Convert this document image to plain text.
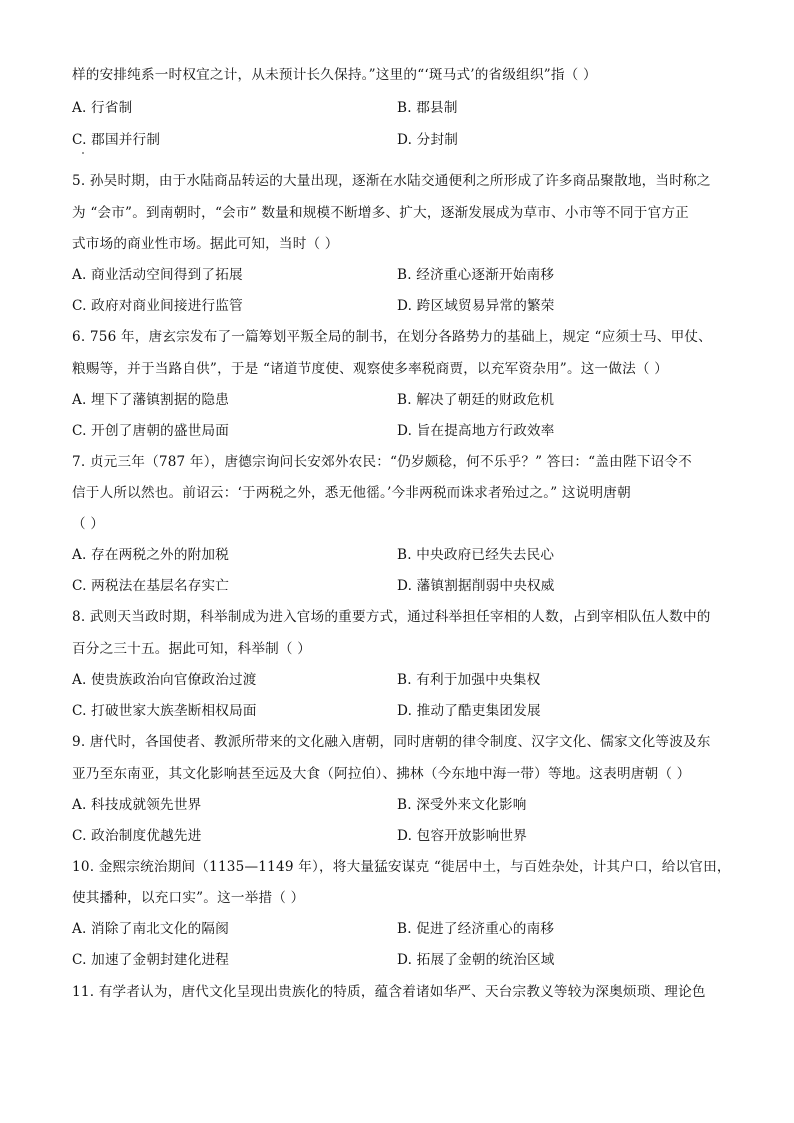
样的安排纯系一时权宜之计，从未预计长久保持。”这里的“‘斑马式’的省级组织”指（ ）
A. 行省制	B. 郡县制
C. 郡国并行制	D. 分封制
5. 孙吴时期，由于水陆商品转运的大量出现，逐渐在水陆交通便利之所形成了许多商品聚散地，当时称之
为 “会市”。到南朝时，“会市” 数量和规模不断增多、扩大，逐渐发展成为草市、小市等不同于官方正
式市场的商业性市场。据此可知，当时（ ）
A. 商业活动空间得到了拓展	B. 经济重心逐渐开始南移
C. 政府对商业间接进行监管	D. 跨区域贸易异常的繁荣
6. 756 年，唐玄宗发布了一篇筹划平叛全局的制书，在划分各路势力的基础上，规定 “应须士马、甲仗、
粮赐等，并于当路自供”，于是 “诸道节度使、观察使多率税商贾，以充军资杂用”。这一做法（ ）
A. 埋下了藩镇割据的隐患	B. 解决了朝廷的财政危机
C. 开创了唐朝的盛世局面	D. 旨在提高地方行政效率
7. 贞元三年（787 年），唐德宗询问长安郊外农民：“仍岁颇稔，何不乐乎？” 答曰：“盖由陛下诏令不
信于人所以然也。前诏云：‘于两税之外，悉无他徭。’今非两税而诛求者殆过之。” 这说明唐朝
（ ）
A. 存在两税之外的附加税	B. 中央政府已经失去民心
C. 两税法在基层名存实亡	D. 藩镇割据削弱中央权威
8. 武则天当政时期，科举制成为进入官场的重要方式，通过科举担任宰相的人数，占到宰相队伍人数中的
百分之三十五。据此可知，科举制（ ）
A. 使贵族政治向官僚政治过渡	B. 有利于加强中央集权
C. 打破世家大族垄断相权局面	D. 推动了酷吏集团发展
9. 唐代时，各国使者、教派所带来的文化融入唐朝，同时唐朝的律令制度、汉字文化、儒家文化等波及东
亚乃至东南亚，其文化影响甚至远及大食（阿拉伯）、拂林（今东地中海一带）等地。这表明唐朝（ ）
A. 科技成就领先世界	B. 深受外来文化影响
C. 政治制度优越先进	D. 包容开放影响世界
10. 金熙宗统治期间（1135—1149 年），将大量猛安谋克 “徙居中土，与百姓杂处，计其户口，给以官田，
使其播种，以充口实”。这一举措（ ）
A. 消除了南北文化的隔阂	B. 促进了经济重心的南移
C. 加速了金朝封建化进程	D. 拓展了金朝的统治区域
11. 有学者认为，唐代文化呈现出贵族化的特质，蕴含着诸如华严、天台宗教义等较为深奥烦琐、理论色
